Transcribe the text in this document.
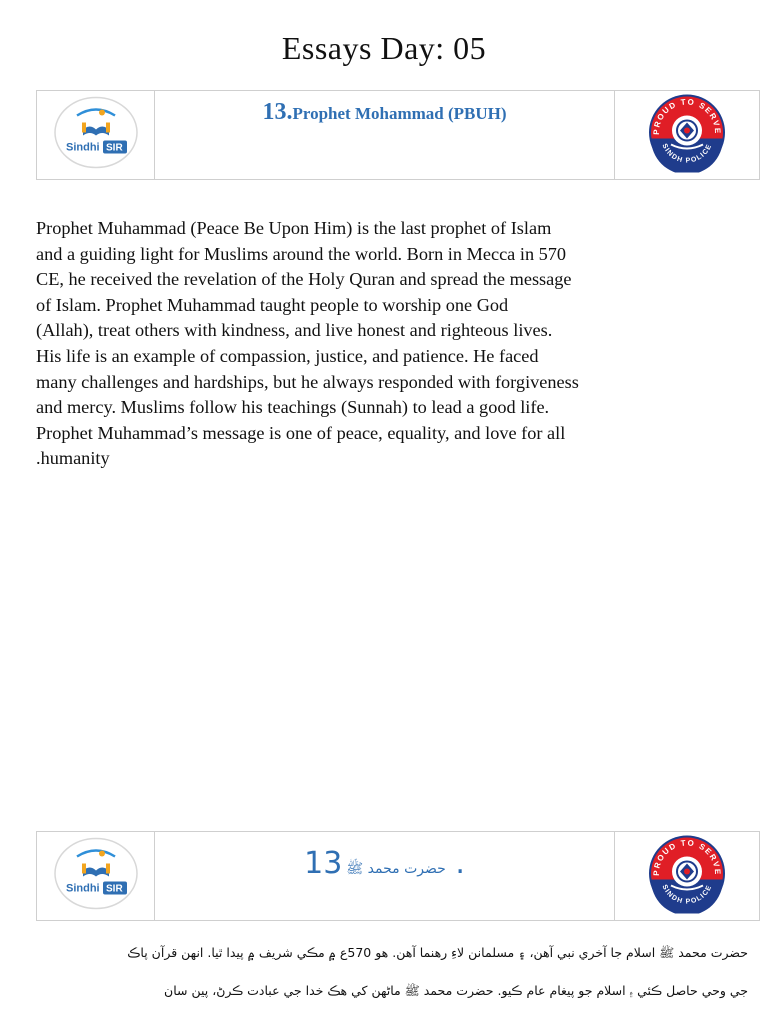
Essays Day: 05
Sindhi SIR
13.Prophet Mohammad (PBUH)
PROUD TO SERVE
SINDH POLICE
Prophet Muhammad (Peace Be Upon Him) is the last prophet of Islam
and a guiding light for Muslims around the world. Born in Mecca in 570
CE, he received the revelation of the Holy Quran and spread the message
of Islam. Prophet Muhammad taught people to worship one God
(Allah), treat others with kindness, and live honest and righteous lives.
His life is an example of compassion, justice, and patience. He faced
many challenges and hardships, but he always responded with forgiveness
and mercy. Muslims follow his teachings (Sunnah) to lead a good life.
Prophet Muhammad’s message is one of peace, equality, and love for all
.humanity
Sindhi SIR
حضرت محمد ﷺ 13 .	PROUD TO SERVE
SINDH POLICE
حضرت محمد ﷺ اسلام جا آخري نبي آهن، ۽ مسلمانن لاءِ رهنما آهن. هو 570ع ۾ مڪي شريف ۾ پيدا ٿيا. انهن قرآن پاڪ
جي وحي حاصل ڪئي ۽ اسلام جو پيغام عام ڪيو. حضرت محمد ﷺ ماڻهن کي هڪ خدا جي عبادت ڪرڻ، پين سان
